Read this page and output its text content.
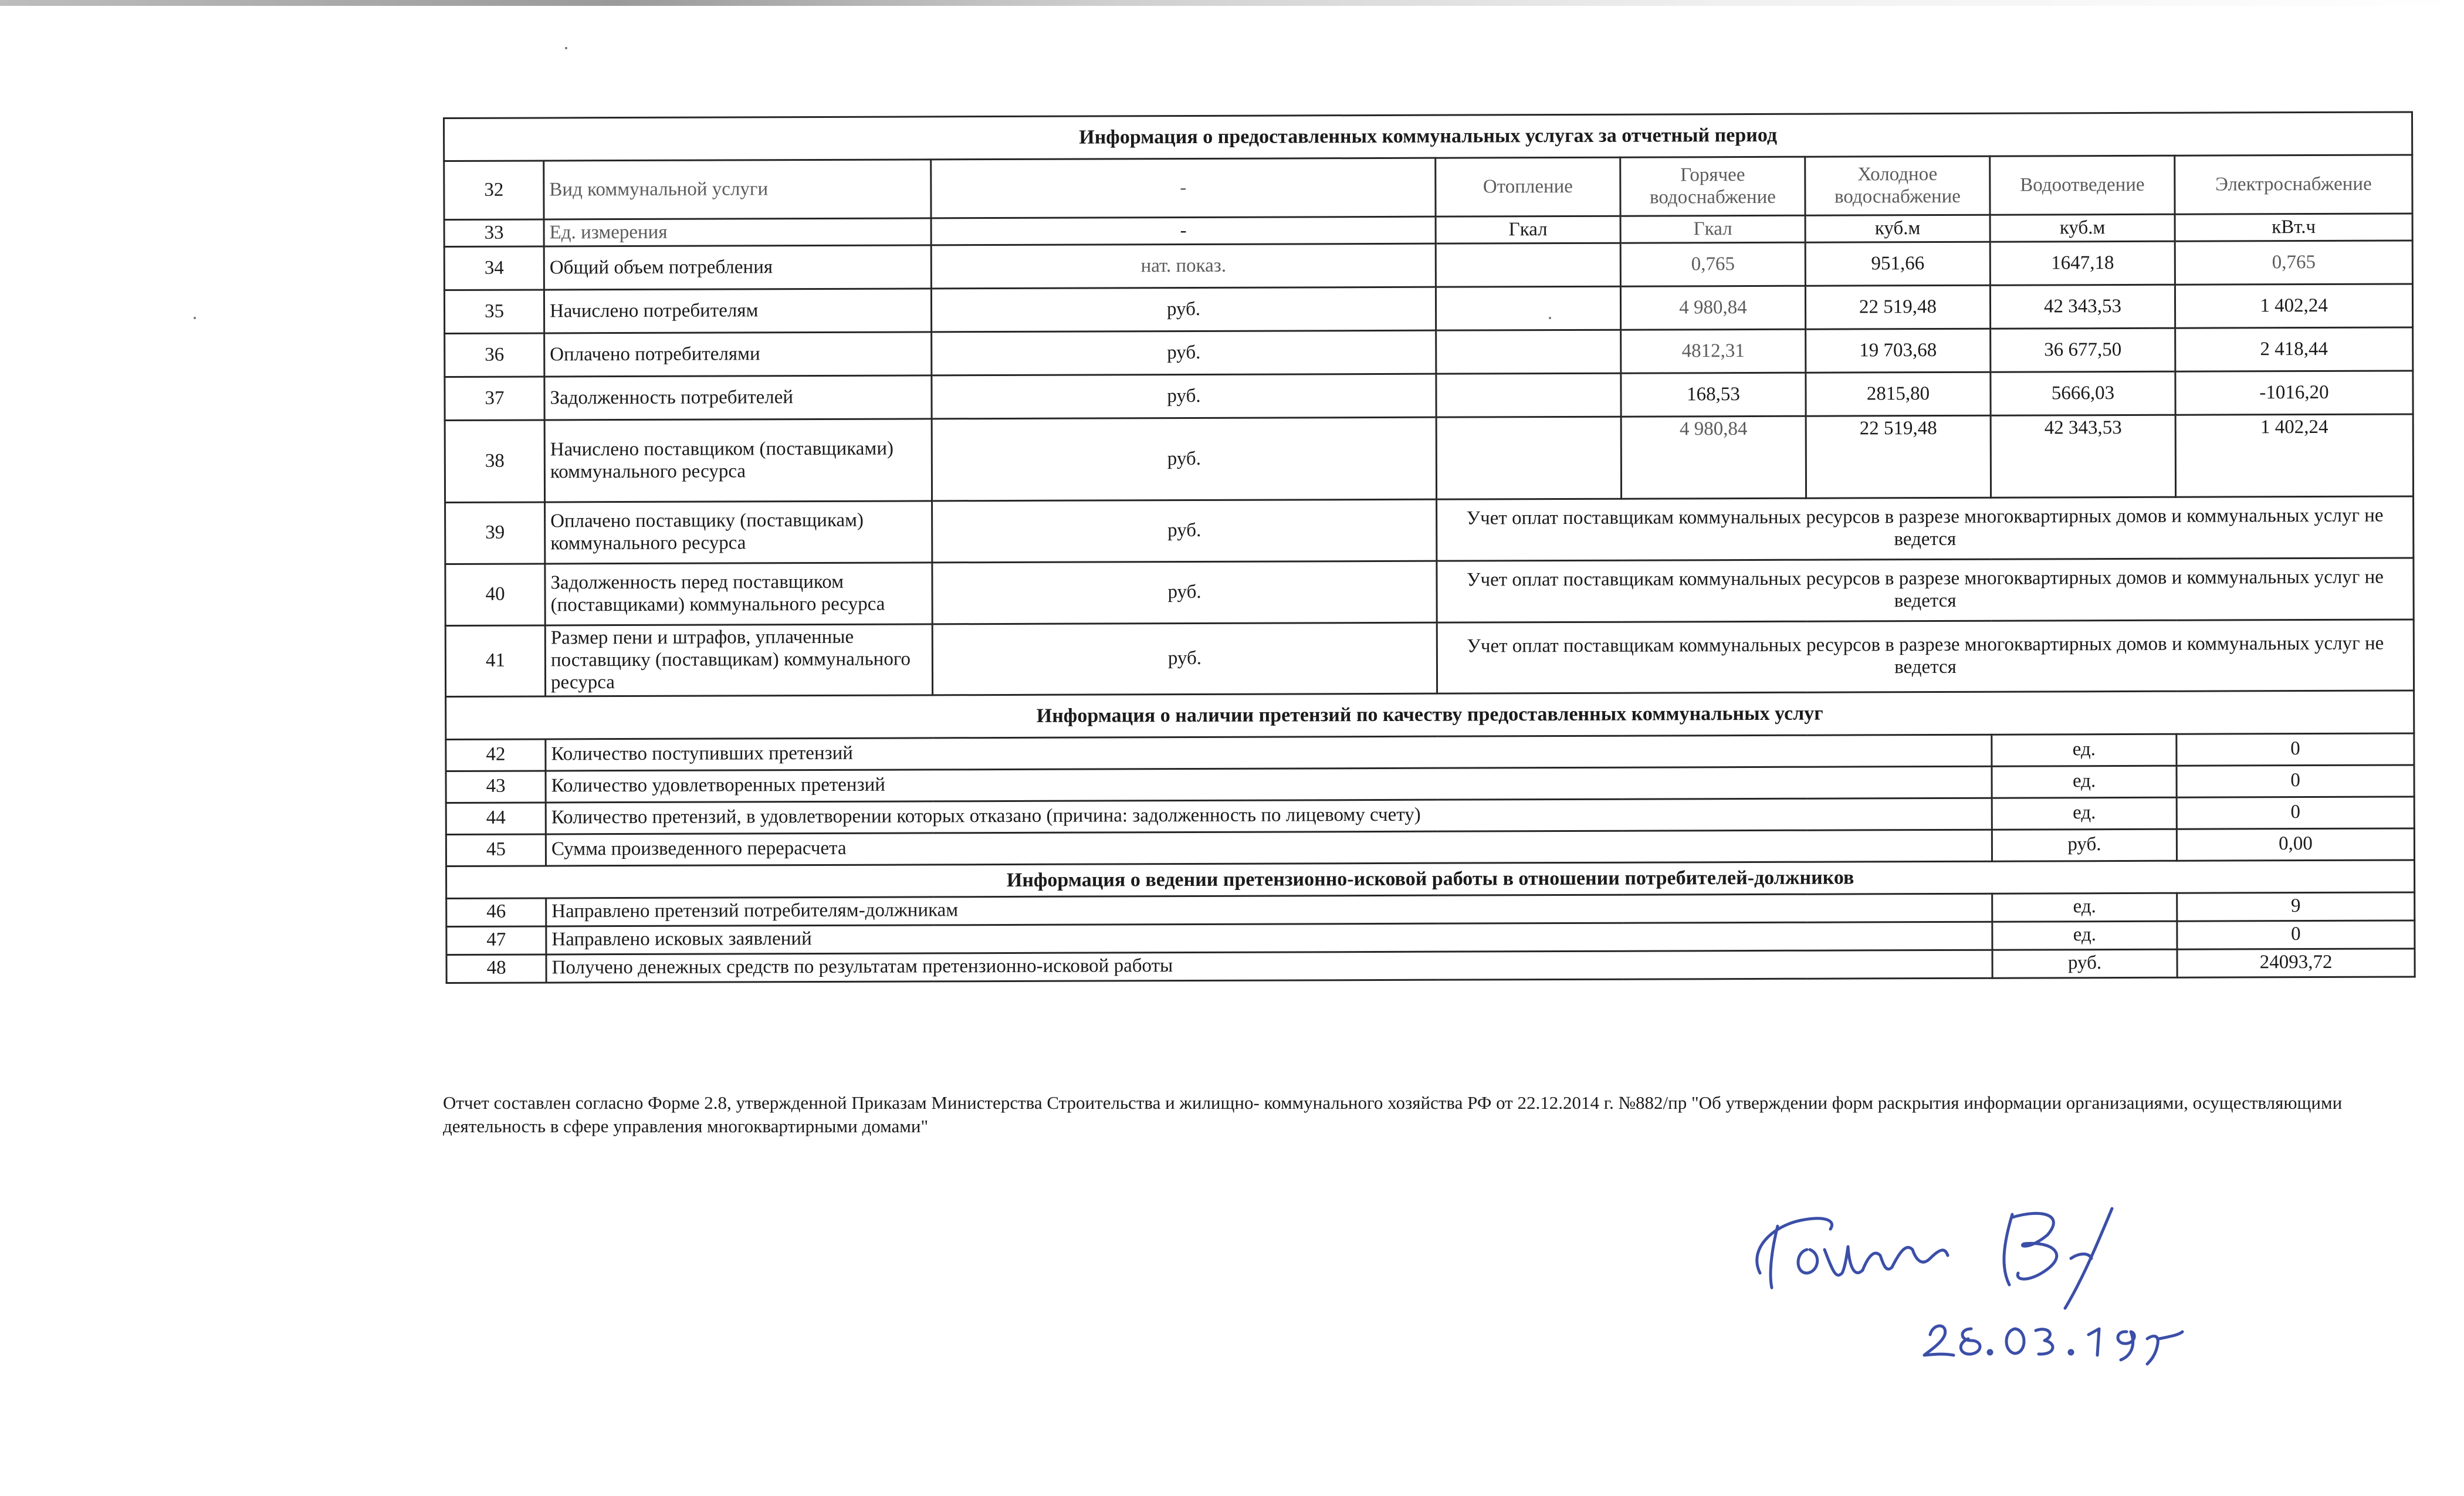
Информация о предоставленных коммунальных услугах за отчетный период							
32	Вид коммунальной услуги	-	Отопление	Горячее водоснабжение	Холодное водоснабжение	Водоотведение	Электроснабжение
33	Ед. измерения	-	Гкал	Гкал	куб.м	куб.м	кВт.ч
34	Общий объем потребления	нат. показ.		0,765	951,66	1647,18	0,765
35	Начислено потребителям	руб.		4 980,84	22 519,48	42 343,53	1 402,24
36	Оплачено потребителями	руб.		4812,31	19 703,68	36 677,50	2 418,44
37	Задолженность потребителей	руб.		168,53	2815,80	5666,03	-1016,20
38	Начислено поставщиком (поставщиками) коммунального ресурса	руб.		4 980,84	22 519,48	42 343,53	1 402,24
39	Оплачено поставщику (поставщикам) коммунального ресурса	руб.	Учет оплат поставщикам коммунальных ресурсов в разрезе многоквартирных домов и коммунальных услуг не ведется				
40	Задолженность перед поставщиком (поставщиками) коммунального ресурса	руб.	Учет оплат поставщикам коммунальных ресурсов в разрезе многоквартирных домов и коммунальных услуг не ведется				
41	Размер пени и штрафов, уплаченные поставщику (поставщикам) коммунального ресурса	руб.	Учет оплат поставщикам коммунальных ресурсов в разрезе многоквартирных домов и коммунальных услуг не ведется				
Информация о наличии претензий по качеству предоставленных коммунальных услуг							
42	Количество поступивших претензий					ед.	0
43	Количество удовлетворенных претензий					ед.	0
44	Количество претензий, в удовлетворении которых отказано (причина: задолженность по лицевому счету)					ед.	0
45	Сумма произведенного перерасчета					руб.	0,00
Информация о ведении претензионно-исковой работы в отношении потребителей-должников							
46	Направлено претензий потребителям-должникам					ед.	9
47	Направлено исковых заявлений					ед.	0
48	Получено денежных средств по результатам претензионно-исковой работы					руб.	24093,72
Отчет составлен согласно Форме 2.8, утвержденной Приказам Министерства Строительства и жилищно- коммунального хозяйства РФ от 22.12.2014 г. №882/пр "Об утверждении форм раскрытия информации организациями, осуществляющими деятельность в сфере управления многоквартирными домами"
